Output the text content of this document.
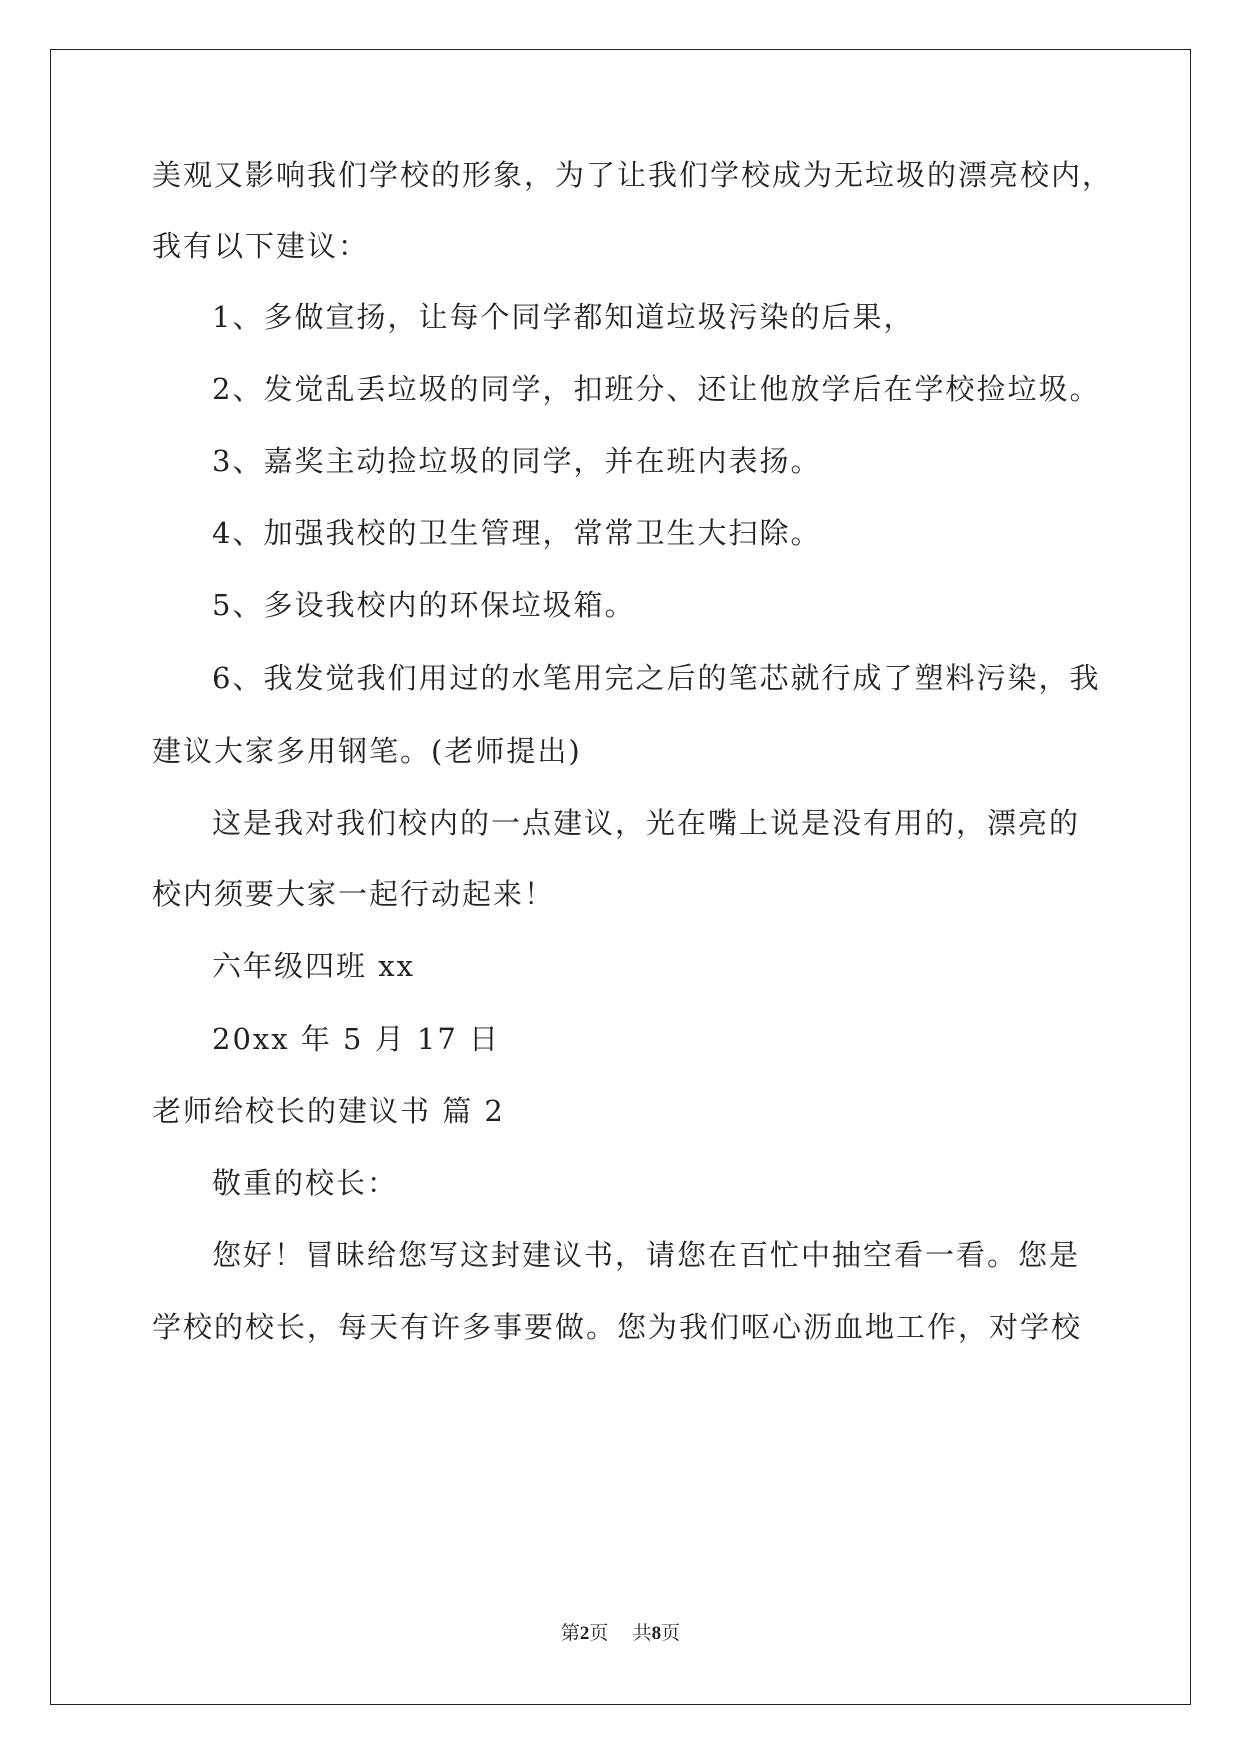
美观又影响我们学校的形象，为了让我们学校成为无垃圾的漂亮校内，
我有以下建议：
1、多做宣扬，让每个同学都知道垃圾污染的后果，
2、发觉乱丢垃圾的同学，扣班分、还让他放学后在学校捡垃圾。
3、嘉奖主动捡垃圾的同学，并在班内表扬。
4、加强我校的卫生管理，常常卫生大扫除。
5、多设我校内的环保垃圾箱。
6、我发觉我们用过的水笔用完之后的笔芯就行成了塑料污染，我
建议大家多用钢笔。(老师提出)
这是我对我们校内的一点建议，光在嘴上说是没有用的，漂亮的
校内须要大家一起行动起来！
六年级四班 xx
20xx 年 5 月 17 日
老师给校长的建议书 篇 2
敬重的校长：
您好！冒昧给您写这封建议书，请您在百忙中抽空看一看。您是
学校的校长，每天有许多事要做。您为我们呕心沥血地工作，对学校
第2页 共8页
